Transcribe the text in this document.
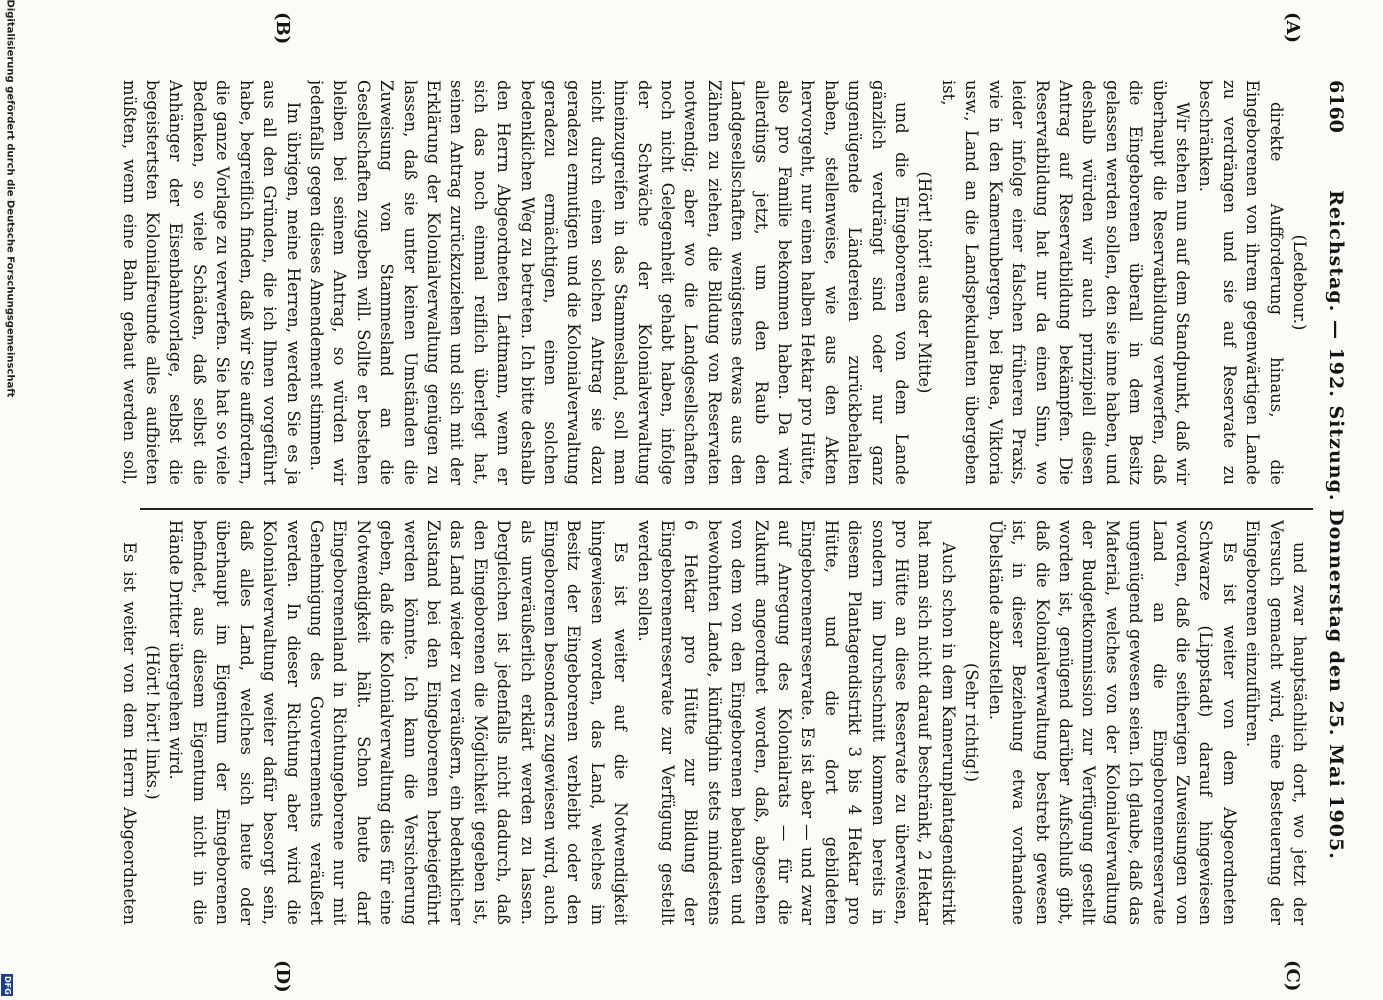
6160
Reichstag. — 192. Sitzung. Donnerstag den 25. Mai 1905.
(A)
(B)
(C)
(D)

(Ledebour.)

direkte Aufforderung hinaus, die Eingeborenen von ihrem gegenwärtigen Lande zu verdrängen und sie auf Reservate zu beschränken.

Wir stehen nun auf dem Standpunkt, daß wir überhaupt die Reservatbildung verwerfen, daß die Eingeborenen überall in dem Besitz gelassen werden sollen, den sie inne haben, und deshalb würden wir auch prinzipiell diesen Antrag auf Reservatbildung bekämpfen. Die Reservatbildung hat nur da einen Sinn, wo leider infolge einer falschen früheren Praxis, wie in den Kamerunbergen, bei Buea, Viktoria usw., Land an die Landspekulanten übergeben ist,

(Hört! hört! aus der Mitte)

und die Eingeborenen von dem Lande gänzlich verdrängt sind oder nur ganz ungenügende Ländereien zurückbehalten haben, stellenweise, wie aus den Akten hervorgeht, nur einen halben Hektar pro Hütte, also pro Familie bekommen haben. Da wird allerdings jetzt, um den Raub den Landgesellschaften wenigstens etwas aus den Zähnen zu ziehen, die Bildung von Reservaten notwendig; aber wo die Landgesellschaften noch nicht Gelegenheit gehabt haben, infolge der Schwäche der Kolonialverwaltung hineinzugreifen in das Stammesland, soll man nicht durch einen solchen Antrag sie dazu geradezu ermutigen und die Kolonialverwaltung geradezu ermächtigen, einen solchen bedenklichen Weg zu betreten. Ich bitte deshalb den Herrn Abgeordneten Lattmann, wenn er sich das noch einmal reiflich überlegt hat, seinen Antrag zurückzuziehen und sich mit der Erklärung der Kolonialverwaltung genügen zu lassen, daß sie unter keinen Umständen die Zuweisung von Stammesland an die Gesellschaften zugeben will. Sollte er bestehen bleiben bei seinem Antrag, so würden wir jedenfalls gegen dieses Amendement stimmen.

Im übrigen, meine Herren, werden Sie es ja aus all den Gründen, die ich Ihnen vorgeführt habe, begreiflich finden, daß wir Sie auffordern, die ganze Vorlage zu verwerfen. Sie hat so viele Bedenken, so viele Schäden, daß selbst die Anhänger der Eisenbahnvorlage, selbst die begeistertsten Kolonialfreunde alles aufbieten müßten, wenn eine Bahn gebaut werden soll,

und zwar hauptsächlich dort, wo jetzt der Versuch gemacht wird, eine Besteuerung der Eingeborenen einzuführen.

Es ist weiter von dem Abgeordneten Schwarze (Lippstadt) darauf hingewiesen worden, daß die seitherigen Zuweisungen von Land an die Eingeborenenreservate ungenügend gewesen seien. Ich glaube, daß das Material, welches von der Kolonialverwaltung der Budgetkommission zur Verfügung gestellt worden ist, genügend darüber Aufschluß gibt, daß die Kolonialverwaltung bestrebt gewesen ist, in dieser Beziehung etwa vorhandene Übelstände abzustellen.

(Sehr richtig!)

Auch schon in dem Kamerunplantagendistrikt hat man sich nicht darauf beschränkt, 2 Hektar pro Hütte an diese Reservate zu überweisen, sondern im Durchschnitt kommen bereits in diesem Plantagendistrikt 3 bis 4 Hektar pro Hütte, und die dort gebildeten Eingeborenenreservate. Es ist aber — und zwar auf Anregung des Kolonialrats — für die Zukunft angeordnet worden, daß, abgesehen von dem von den Eingeborenen bebauten und bewohnten Lande, künftighin stets mindestens 6 Hektar pro Hütte zur Bildung der Eingeborenenreservate zur Verfügung gestellt werden sollen.

Es ist weiter auf die Notwendigkeit hingewiesen worden, das Land, welches im Besitz der Eingeborenen verbleibt oder den Eingeborenen besonders zugewiesen wird, auch als unveräußerlich erklärt werden zu lassen. Dergleichen ist jedenfalls nicht dadurch, daß den Eingeborenen die Möglichkeit gegeben ist, das Land wieder zu veräußern, ein bedenklicher Zustand bei den Eingeborenen herbeigeführt werden könnte. Ich kann die Versicherung geben, daß die Kolonialverwaltung dies für eine Notwendigkeit hält. Schon heute darf Eingeborenenland in Richtungeborene nur mit Genehmigung des Gouvernements veräußert werden. In dieser Richtung aber wird die Kolonialverwaltung weiter dafür besorgt sein, daß alles Land, welches sich heute oder überhaupt im Eigentum der Eingeborenen befindet, aus diesem Eigentum nicht in die Hände Dritter übergehen wird.

(Hört! hört! links.)

Es ist weiter von dem Herrn Abgeordneten

DFG
Digitalisierung gefördert durch die Deutsche Forschungsgemeinschaft
